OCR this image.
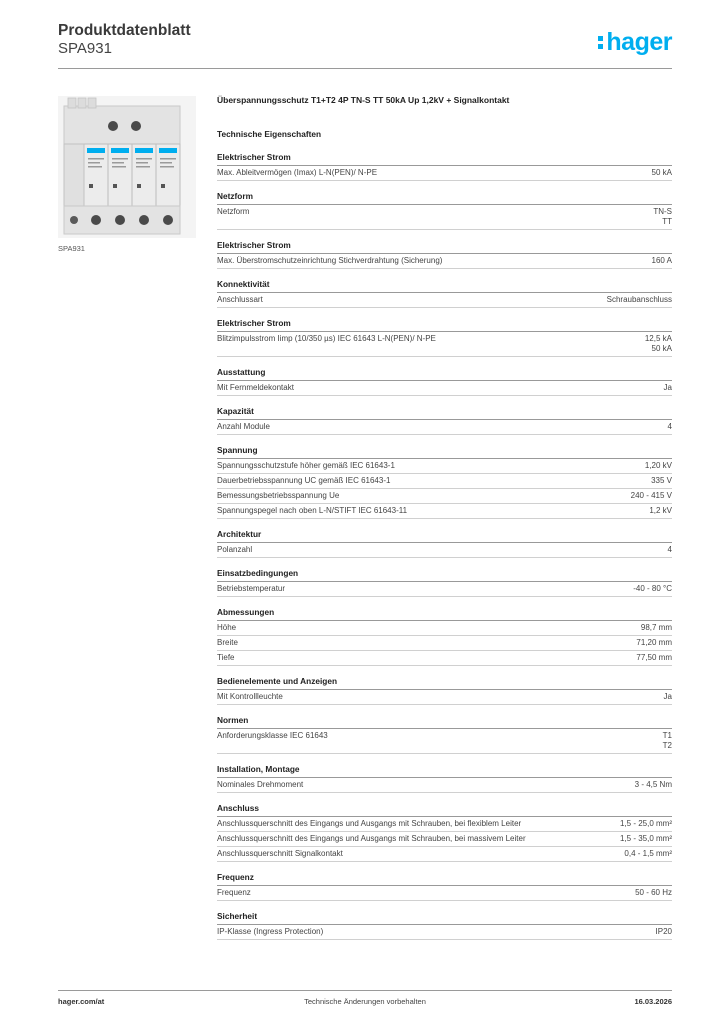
Produktdatenblatt
SPA931	hager
SPA931
Überspannungsschutz T1+T2 4P TN-S TT 50kA Up 1,2kV + Signalkontakt
Technische Eigenschaften
Elektrischer Strom
Max. Ableitvermögen (Imax) L-N(PEN)/ N-PE	50 kA
Netzform
Netzform	TN-S
TT
Elektrischer Strom
Max. Überstromschutzeinrichtung Stichverdrahtung (Sicherung)	160 A
Konnektivität
Anschlussart	Schraubanschluss
Elektrischer Strom
Blitzimpulsstrom Iimp (10/350 µs) IEC 61643 L-N(PEN)/ N-PE	12,5 kA
50 kA
Ausstattung
Mit Fernmeldekontakt	Ja
Kapazität
Anzahl Module	4
Spannung
Spannungsschutzstufe höher gemäß IEC 61643-1	1,20 kV
Dauerbetriebsspannung UC gemäß IEC 61643-1	335 V
Bemessungsbetriebsspannung Ue	240 - 415 V
Spannungspegel nach oben L-N/STIFT IEC 61643-11	1,2 kV
Architektur
Polanzahl	4
Einsatzbedingungen
Betriebstemperatur	-40 - 80 °C
Abmessungen
Höhe	98,7 mm
Breite	71,20 mm
Tiefe	77,50 mm
Bedienelemente und Anzeigen
Mit Kontrollleuchte	Ja
Normen
Anforderungsklasse IEC 61643	T1
T2
Installation, Montage
Nominales Drehmoment	3 - 4,5 Nm
Anschluss
Anschlussquerschnitt des Eingangs und Ausgangs mit Schrauben, bei flexiblem Leiter	1,5 - 25,0 mm²
Anschlussquerschnitt des Eingangs und Ausgangs mit Schrauben, bei massivem Leiter	1,5 - 35,0 mm²
Anschlussquerschnitt Signalkontakt	0,4 - 1,5 mm²
Frequenz
Frequenz	50 - 60 Hz
Sicherheit
IP-Klasse (Ingress Protection)	IP20
hager.com/at	Technische Änderungen vorbehalten	16.03.2026
